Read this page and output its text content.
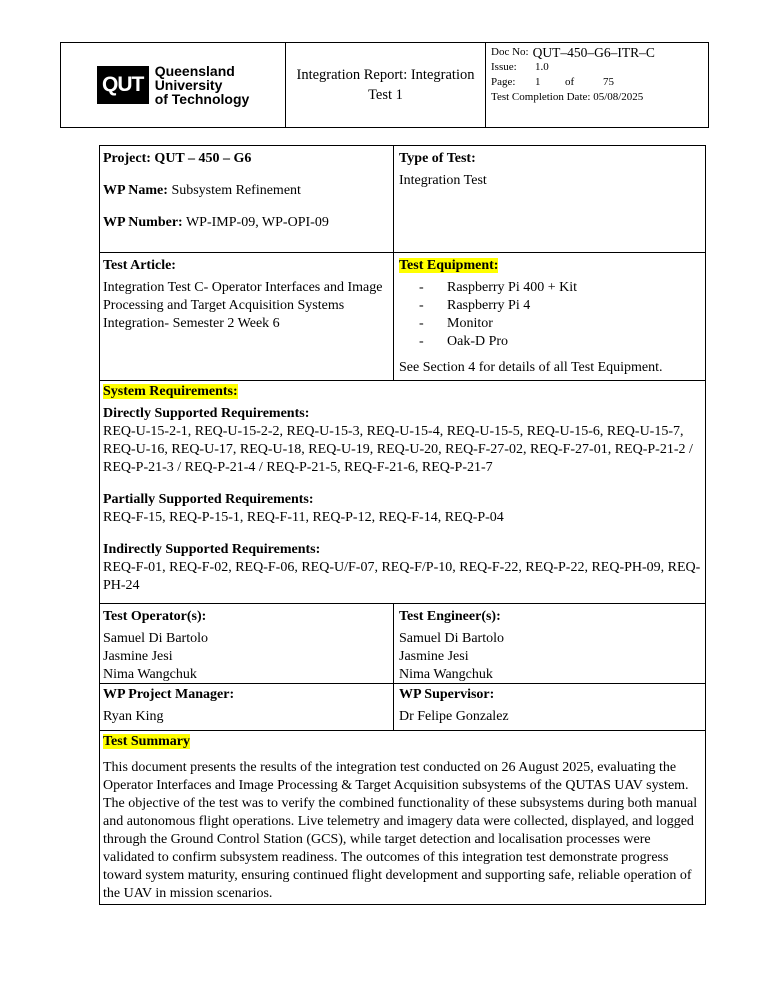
QUT
Queensland
University
of Technology
Integration Report: Integration Test 1
Doc No: QUT–450–G6–ITR–C
Issue:	1.0
Page:	1	of	75
Test Completion Date:
05/08/2025
Project: QUT – 450 – G6
WP Name: Subsystem Refinement
WP Number: WP-IMP-09, WP-OPI-09
Type of Test:
Integration Test
Test Article:
Integration Test C- Operator Interfaces and Image Processing and Target Acquisition Systems Integration- Semester 2 Week 6
Test Equipment:
-	Raspberry Pi 400 + Kit
-	Raspberry Pi 4
-	Monitor
-	Oak-D Pro
See Section 4 for details of all Test Equipment.
System Requirements:
Directly Supported Requirements:
REQ-U-15-2-1, REQ-U-15-2-2, REQ-U-15-3, REQ-U-15-4, REQ-U-15-5, REQ-U-15-6, REQ-U-15-7, REQ-U-16, REQ-U-17, REQ-U-18, REQ-U-19, REQ-U-20, REQ-F-27-02, REQ-F-27-01, REQ-P-21-2 / REQ-P-21-3 / REQ-P-21-4 / REQ-P-21-5, REQ-F-21-6, REQ-P-21-7
Partially Supported Requirements:
REQ-F-15, REQ-P-15-1, REQ-F-11, REQ-P-12, REQ-F-14, REQ-P-04
Indirectly Supported Requirements:
REQ-F-01, REQ-F-02, REQ-F-06, REQ-U/F-07, REQ-F/P-10, REQ-F-22, REQ-P-22, REQ-PH-09, REQ-PH-24
Test Operator(s):
Samuel Di Bartolo
Jasmine Jesi
Nima Wangchuk
Test Engineer(s):
Samuel Di Bartolo
Jasmine Jesi
Nima Wangchuk
WP Project Manager:
Ryan King
WP Supervisor:
Dr Felipe Gonzalez
Test Summary
This document presents the results of the integration test conducted on 26 August 2025, evaluating the Operator Interfaces and Image Processing & Target Acquisition subsystems of the QUTAS UAV system. The objective of the test was to verify the combined functionality of these subsystems during both manual and autonomous flight operations. Live telemetry and imagery data were collected, displayed, and logged through the Ground Control Station (GCS), while target detection and localisation processes were validated to confirm subsystem readiness. The outcomes of this integration test demonstrate progress toward system maturity, ensuring continued flight development and supporting safe, reliable operation of the UAV in mission scenarios.
